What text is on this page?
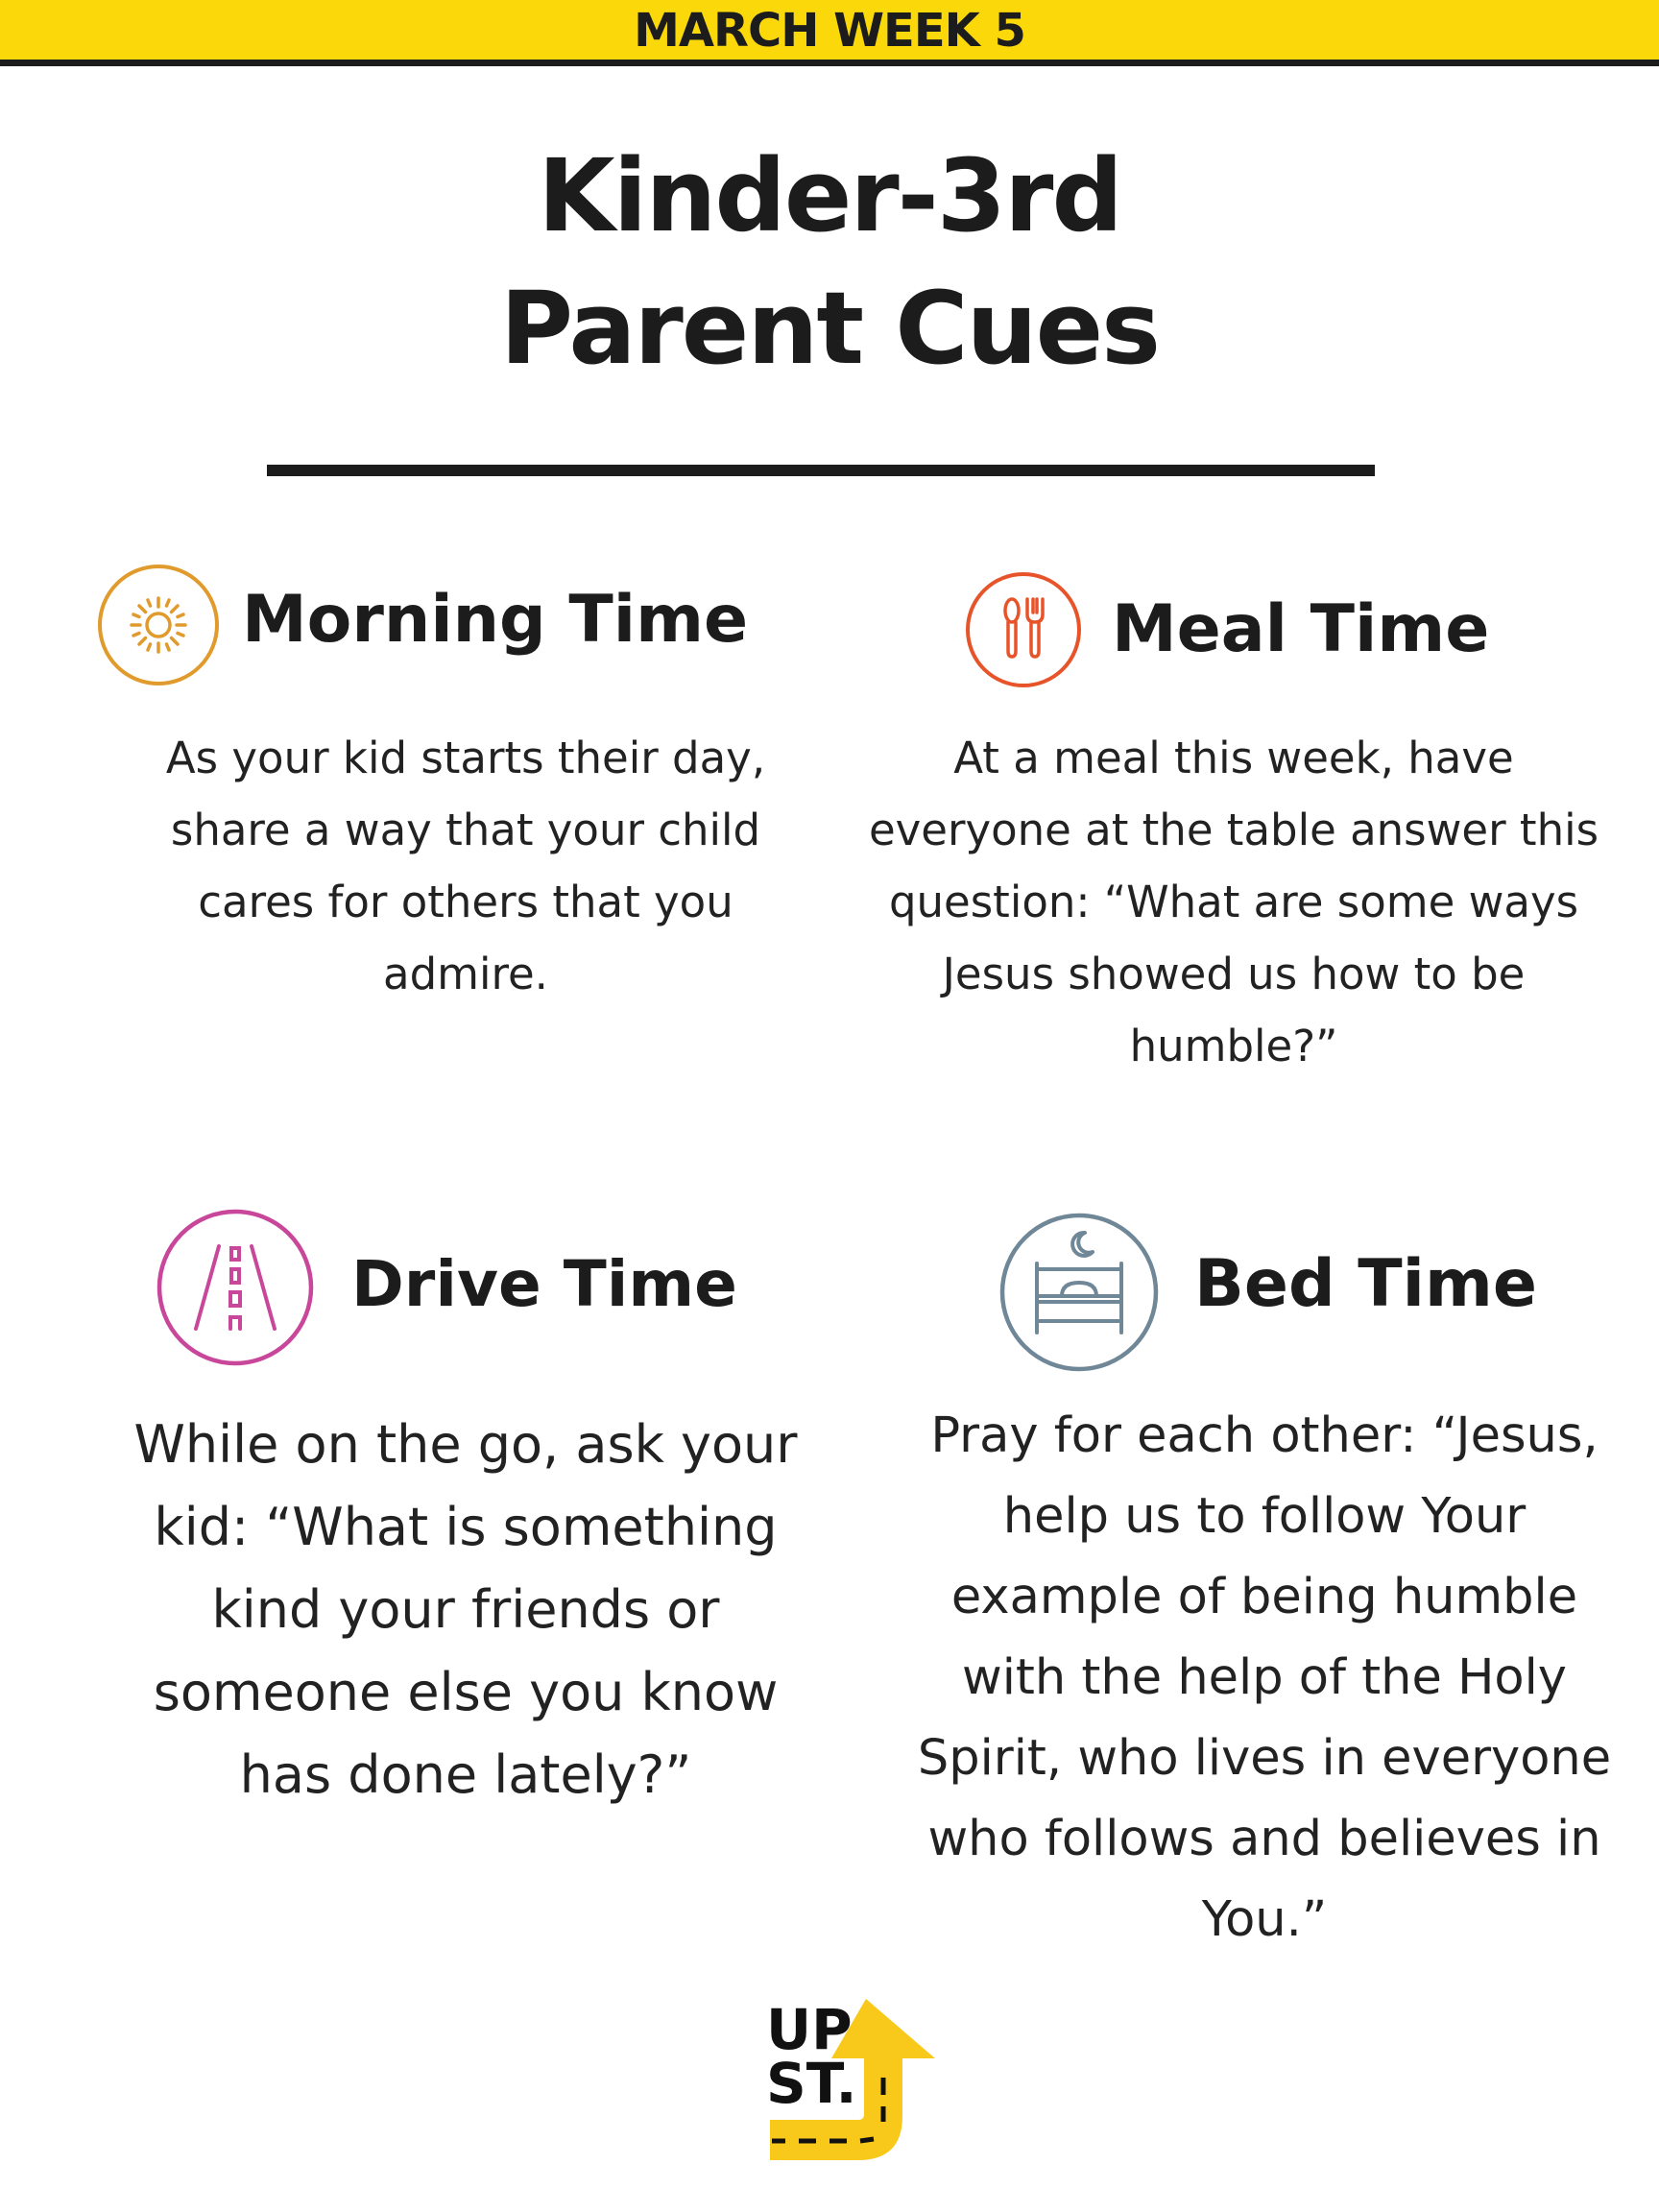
MARCH WEEK 5
Kinder-3rd
Parent Cues
Morning Time
As your kid starts their day,
share a way that your child
cares for others that you
admire.
Meal Time
At a meal this week, have
everyone at the table answer this
question: “What are some ways
Jesus showed us how to be
humble?”
Drive Time
While on the go, ask your
kid: “What is something
kind your friends or
someone else you know
has done lately?”
Bed Time
Pray for each other: “Jesus,
help us to follow Your
example of being humble
with the help of the Holy
Spirit, who lives in everyone
who follows and believes in
You.”
UP
ST.
